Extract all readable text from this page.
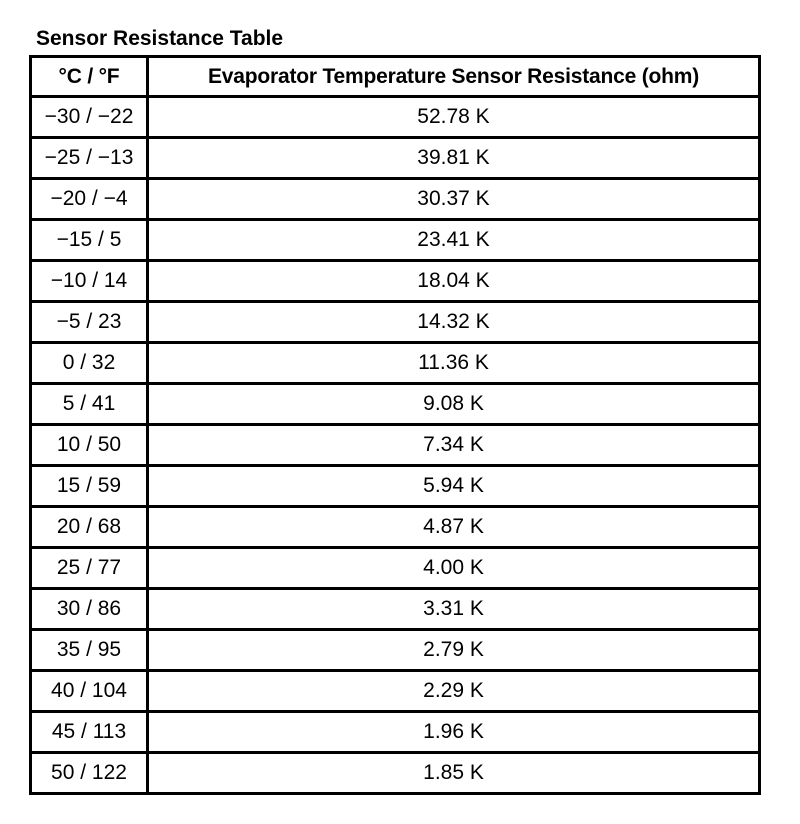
Sensor Resistance Table
°C / °F	Evaporator Temperature Sensor Resistance (ohm)
−30 / −22	52.78 K
−25 / −13	39.81 K
−20 / −4	30.37 K
−15 / 5	23.41 K
−10 / 14	18.04 K
−5 / 23	14.32 K
0 / 32	11.36 K
5 / 41	9.08 K
10 / 50	7.34 K
15 / 59	5.94 K
20 / 68	4.87 K
25 / 77	4.00 K
30 / 86	3.31 K
35 / 95	2.79 K
40 / 104	2.29 K
45 / 113	1.96 K
50 / 122	1.85 K
